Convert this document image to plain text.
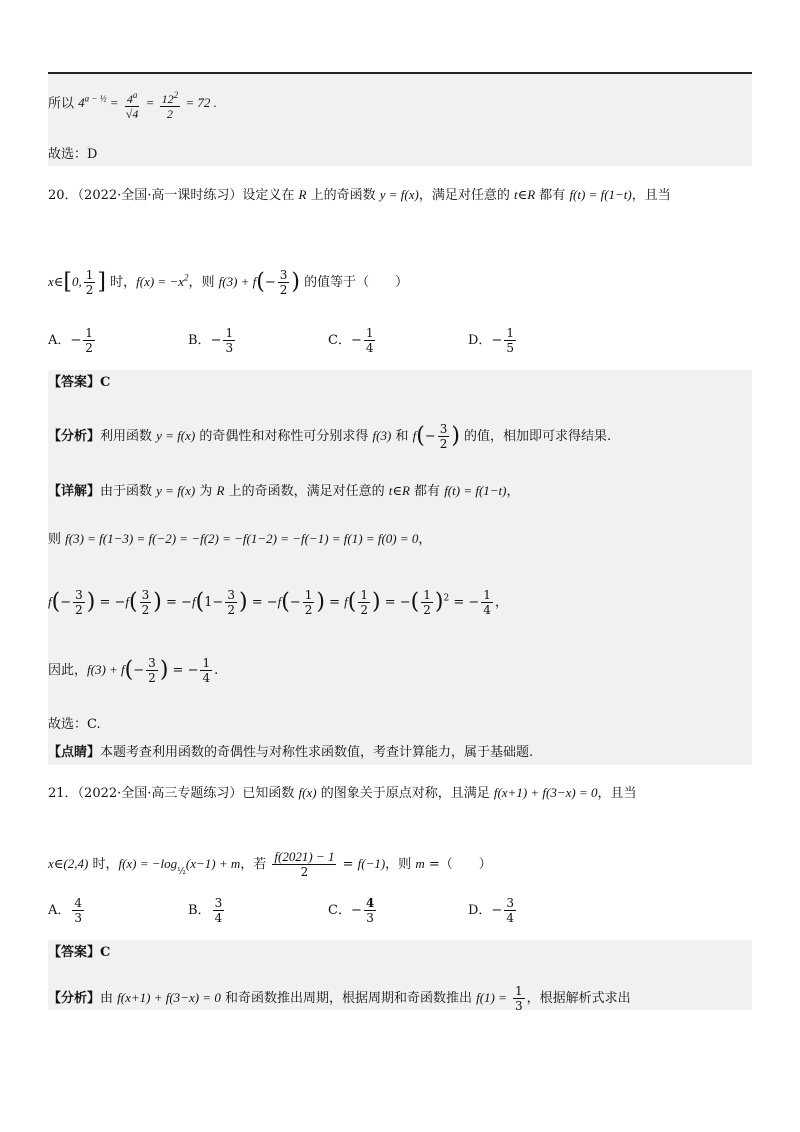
所以 $4^{a - \frac{1}{2}} = \frac{4^a}{√4} = \frac{12^2}{2} = 72$ .
故选：D
20．（2022·全国·高一课时练习）设定义在 R 上的奇函数 y = f(x)，满足对任意的 t∈R 都有 f(t) = f(1−t)，且当
x∈[0, $\frac{1}{2}$ ] 时，$f(x) = -x^2$，则 $f(3) + f(- \frac{3}{2}$ ) 的值等于（　　）
A．− $\frac{1}{2}$	B．− $\frac{1}{3}$	C．− $\frac{1}{4}$	D．− $\frac{1}{5}$
【答案】C
【分析】利用函数 y = f(x) 的奇偶性和对称性可分别求得 f(3) 和 $f(- \frac{3}{2}$ ) 的值，相加即可求得结果.
【详解】由于函数 y = f(x) 为 R 上的奇函数，满足对任意的 t∈R 都有 f(t) = f(1−t)，
则 f(3) = f(1−3) = f(−2) = −f(2) = −f(1−2) = −f(−1) = f(1) = f(0) = 0，
$f(- \frac{3}{2}$ ) = $-f( \frac{3}{2}$ ) = $-f(1- \frac{3}{2}$ ) = $-f(- \frac{1}{2}$ ) = $f( \frac{1}{2}$ ) = −( $\frac{1}{2} )^2$ = − $\frac{1}{4}$ ，
因此，$f(3) + f(- \frac{3}{2}$ ) = − $\frac{1}{4}$ .
故选：C.
【点睛】本题考查利用函数的奇偶性与对称性求函数值，考查计算能力，属于基础题.
21．（2022·全国·高三专题练习）已知函数 f(x) 的图象关于原点对称，且满足 f(x+1) + f(3−x) = 0，且当
x∈(2,4) 时，$f(x) = -\log_{\frac{1}{2}}(x-1) + m$，若 $\frac{f(2021) - 1}{2} = f(-1)$，则 m =（　　）
A． $\frac{4}{3}$	B． $\frac{3}{4}$	C．− $\frac{4}{3}$	D．− $\frac{3}{4}$
【答案】C
【分析】由 f(x+1) + f(3−x) = 0 和奇函数推出周期，根据周期和奇函数推出 $f(1) = \frac{1}{3}$ ，根据解析式求出
